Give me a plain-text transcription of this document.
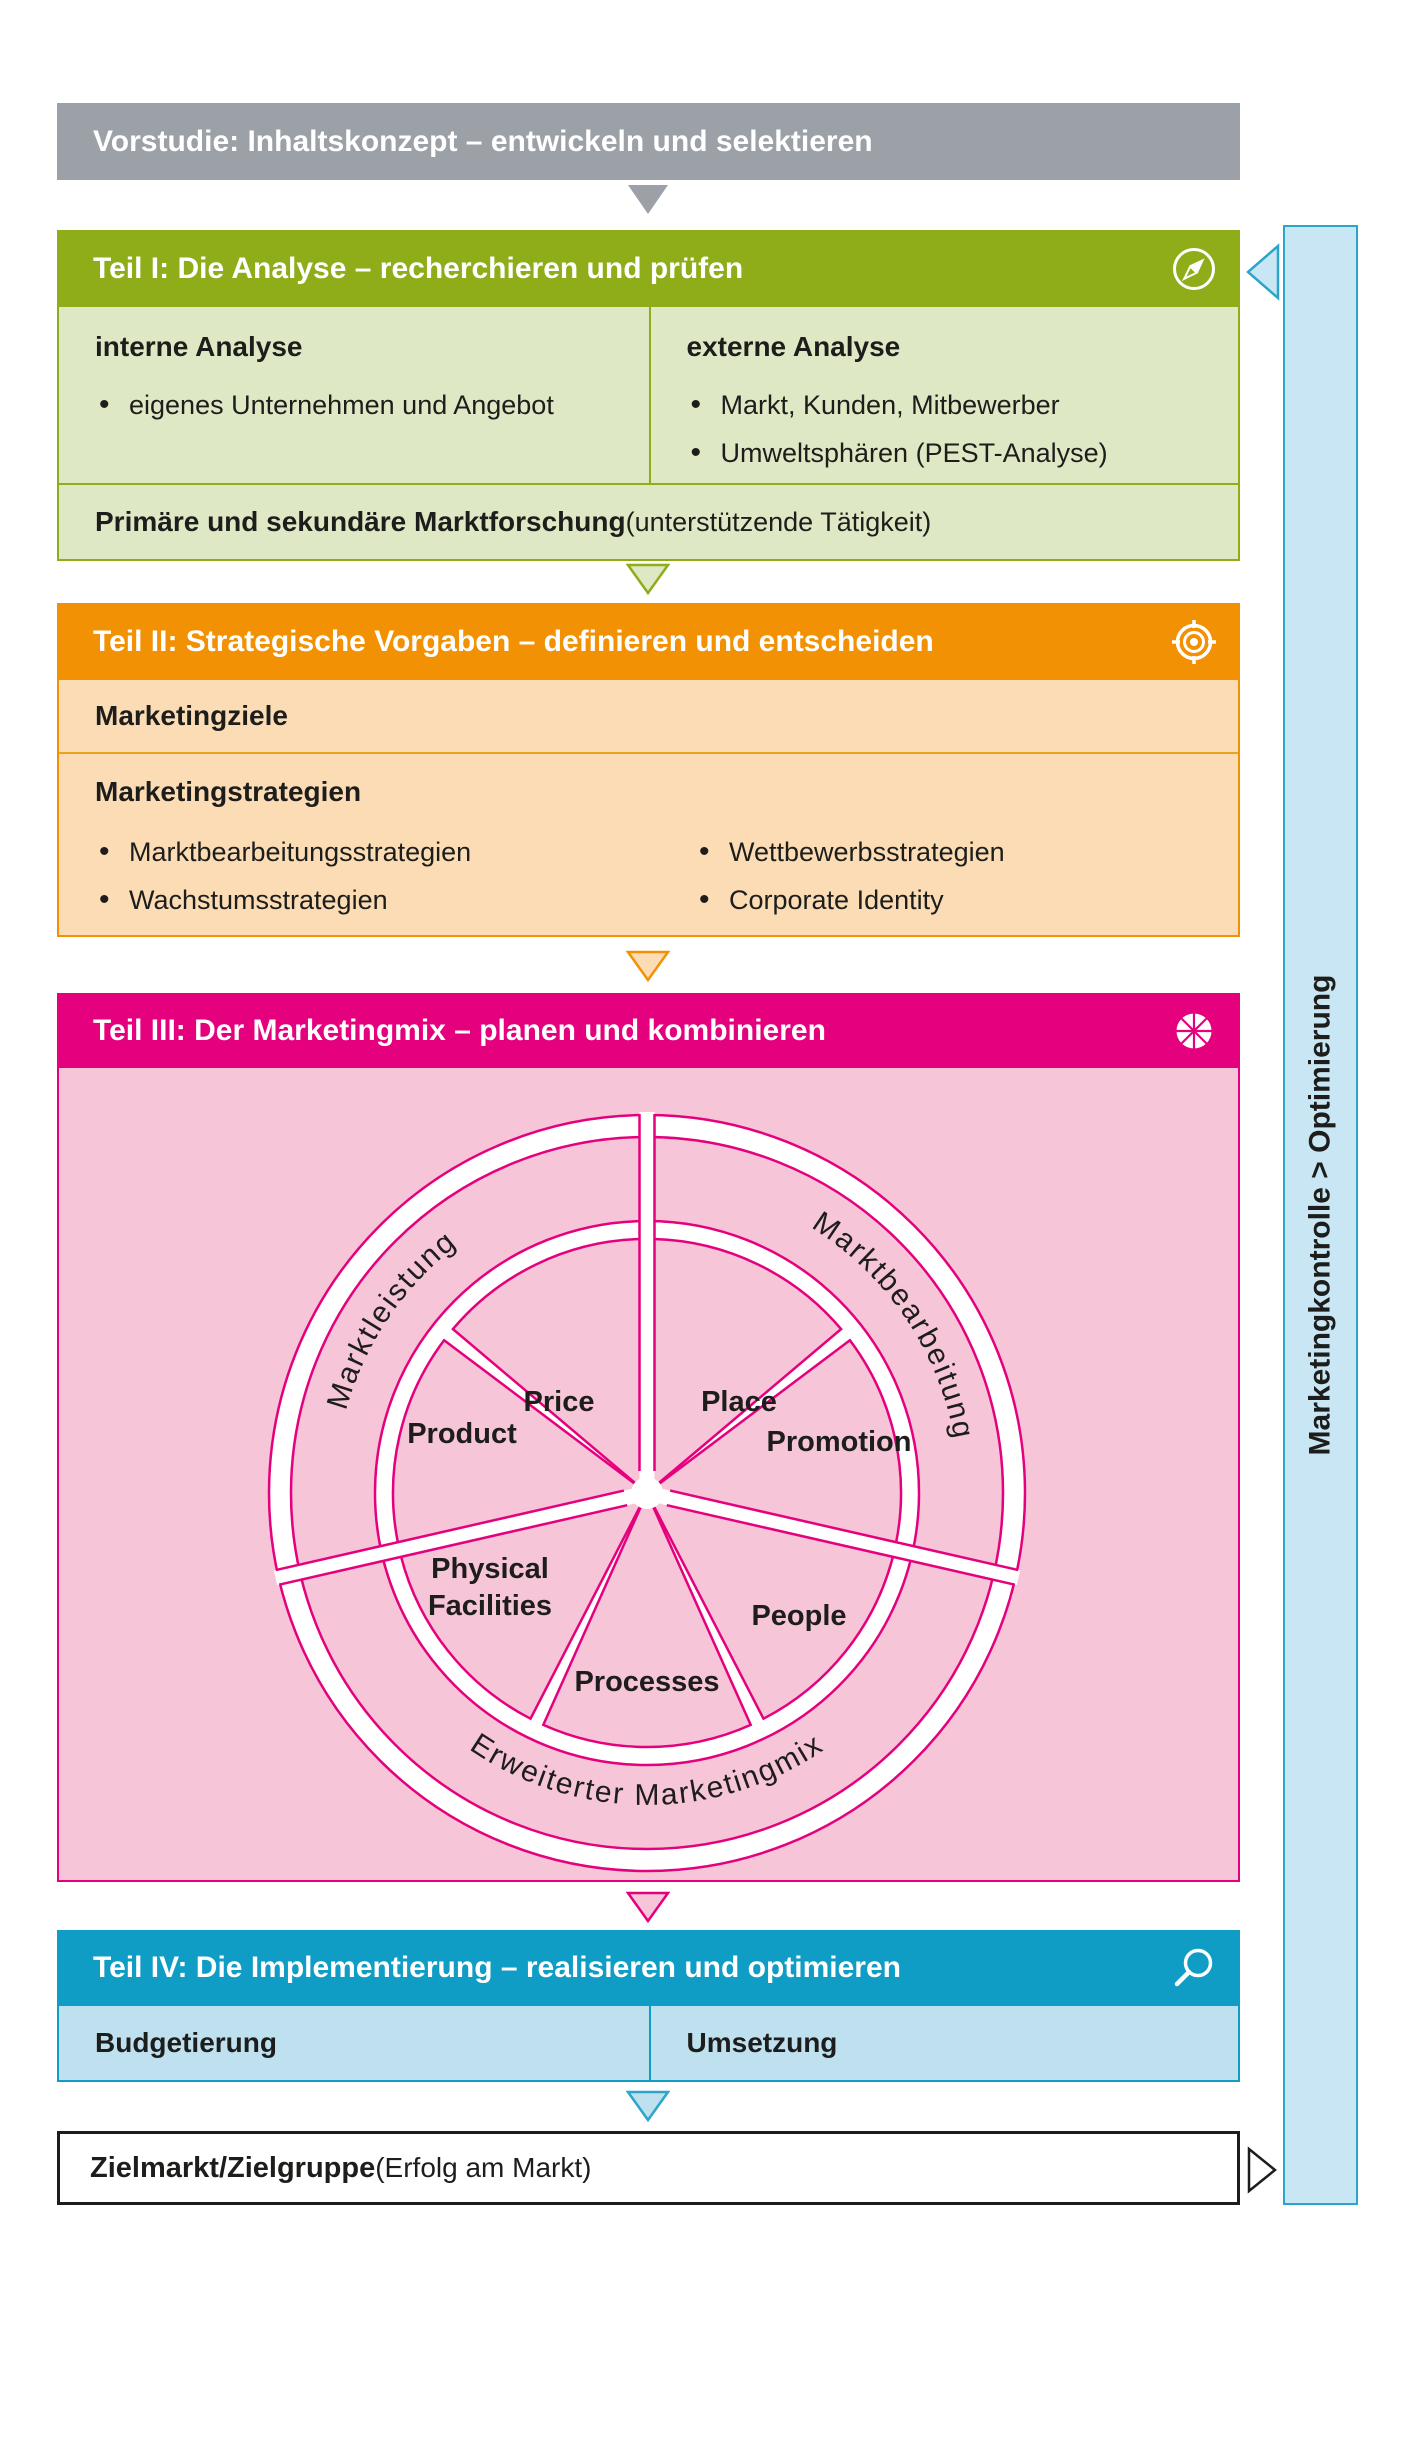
Vorstudie: Inhaltskonzept – entwickeln und selektieren
Teil I: Die Analyse – recherchieren und prüfen
interne Analyse
• eigenes Unternehmen und Angebot
externe Analyse
• Markt, Kunden, Mitbewerber
• Umweltsphären (PEST-Analyse)
Primäre und sekundäre Marktforschung (unterstützende Tätigkeit)
Teil II: Strategische Vorgaben – definieren und entscheiden
Marketingziele
Marketingstrategien
• Marktbearbeitungsstrategien
• Wachstumsstrategien
• Wettbewerbsstrategien
• Corporate Identity
Teil III: Der Marketingmix – planen und kombinieren
Marktleistung	Marktbearbeitung
Erweiterter Marketingmix
Price	Place
Product	Promotion
Physical
Facilities	People
Processes
Teil IV: Die Implementierung – realisieren und optimieren
Budgetierung	Umsetzung
Zielmarkt/Zielgruppe (Erfolg am Markt)
Marketingkontrolle > Optimierung
